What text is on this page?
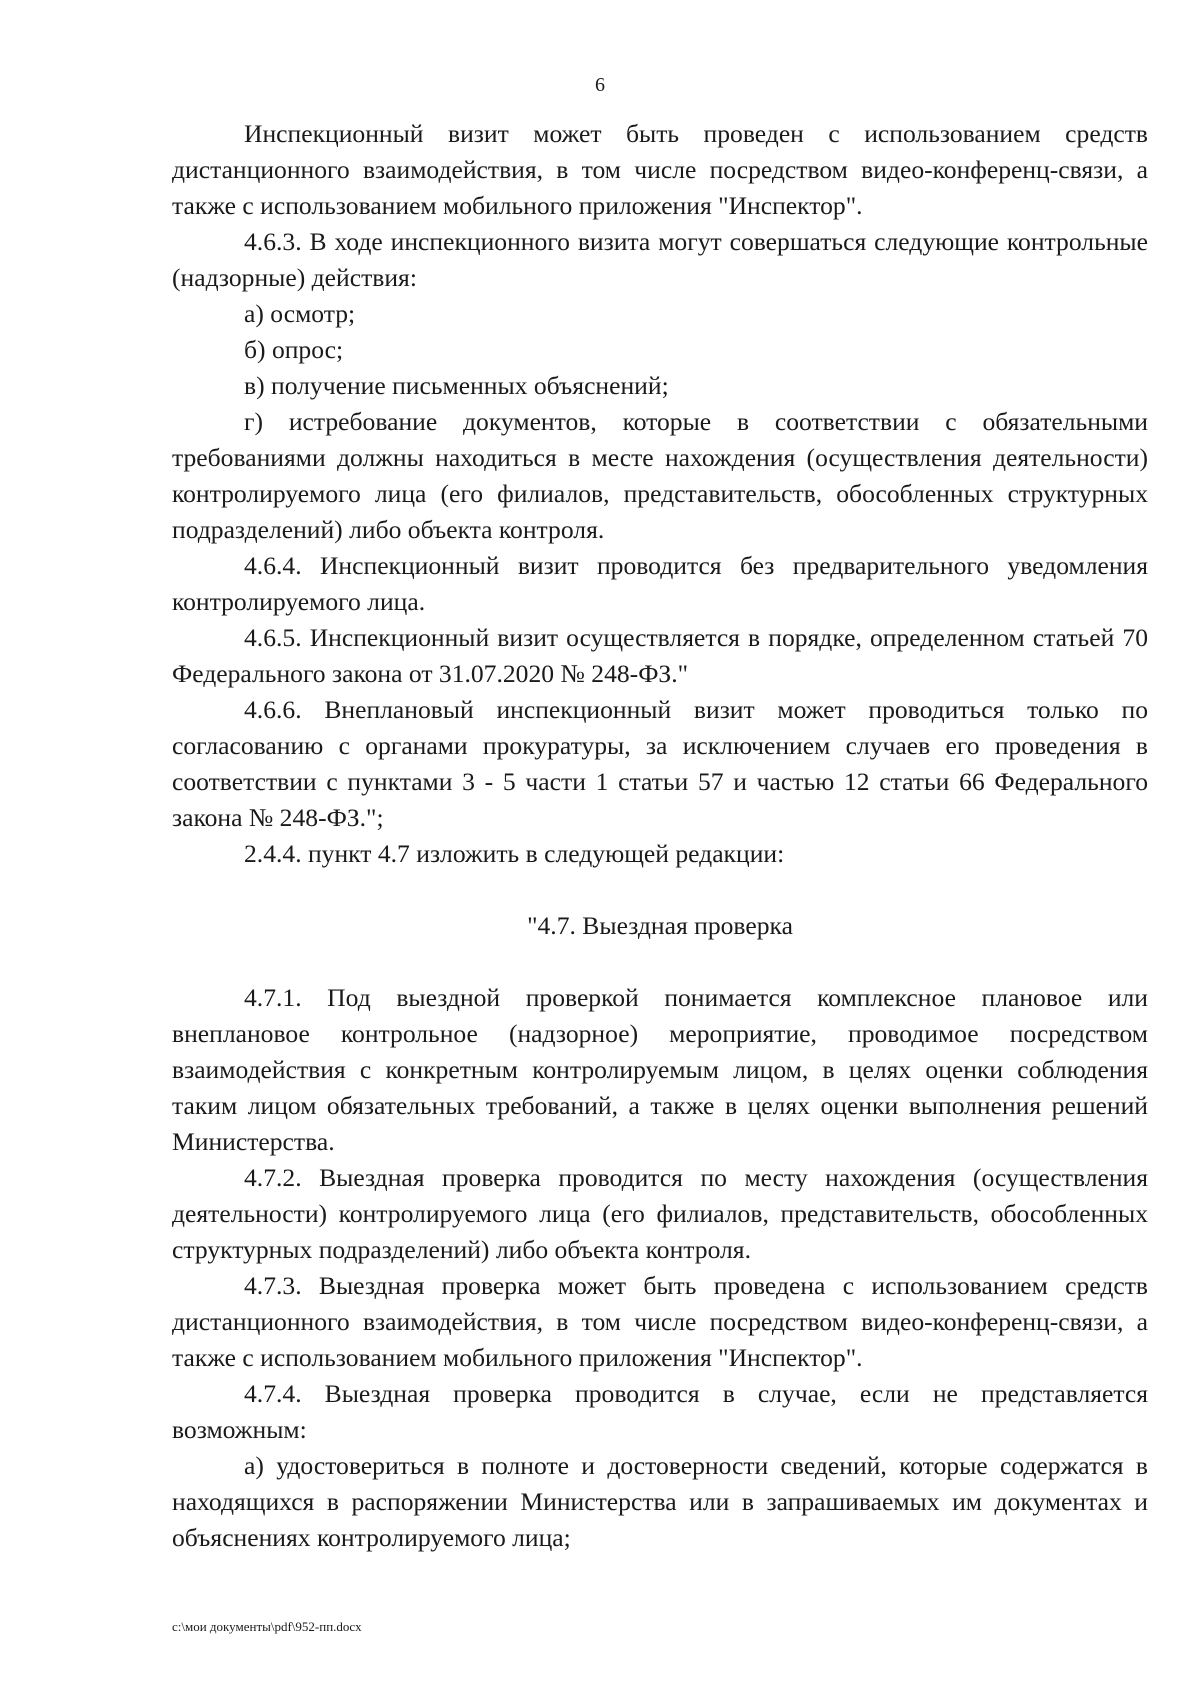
6

Инспекционный визит может быть проведен с использованием средств дистанционного взаимодействия, в том числе посредством видео-конференц-связи, а также с использованием мобильного приложения "Инспектор".

4.6.3. В ходе инспекционного визита могут совершаться следующие контрольные (надзорные) действия:

а) осмотр;

б) опрос;

в) получение письменных объяснений;

г) истребование документов, которые в соответствии с обязательными требованиями должны находиться в месте нахождения (осуществления деятельности) контролируемого лица (его филиалов, представительств, обособленных структурных подразделений) либо объекта контроля.

4.6.4. Инспекционный визит проводится без предварительного уведомления контролируемого лица.

4.6.5. Инспекционный визит осуществляется в порядке, определенном статьей 70 Федерального закона от 31.07.2020 № 248-ФЗ."

4.6.6. Внеплановый инспекционный визит может проводиться только по согласованию с органами прокуратуры, за исключением случаев его проведения в соответствии с пунктами 3 - 5 части 1 статьи 57 и частью 12 статьи 66 Федерального закона № 248-ФЗ.";

2.4.4. пункт 4.7 изложить в следующей редакции:

"4.7. Выездная проверка

4.7.1. Под выездной проверкой понимается комплексное плановое или внеплановое контрольное (надзорное) мероприятие, проводимое посредством взаимодействия с конкретным контролируемым лицом, в целях оценки соблюдения таким лицом обязательных требований, а также в целях оценки выполнения решений Министерства.

4.7.2. Выездная проверка проводится по месту нахождения (осуществления деятельности) контролируемого лица (его филиалов, представительств, обособленных структурных подразделений) либо объекта контроля.

4.7.3. Выездная проверка может быть проведена с использованием средств дистанционного взаимодействия, в том числе посредством видео-конференц-связи, а также с использованием мобильного приложения "Инспектор".

4.7.4. Выездная проверка проводится в случае, если не представляется возможным:

а) удостовериться в полноте и достоверности сведений, которые содержатся в находящихся в распоряжении Министерства или в запрашиваемых им документах и объяснениях контролируемого лица;

c:\мои документы\pdf\952-пп.docx
